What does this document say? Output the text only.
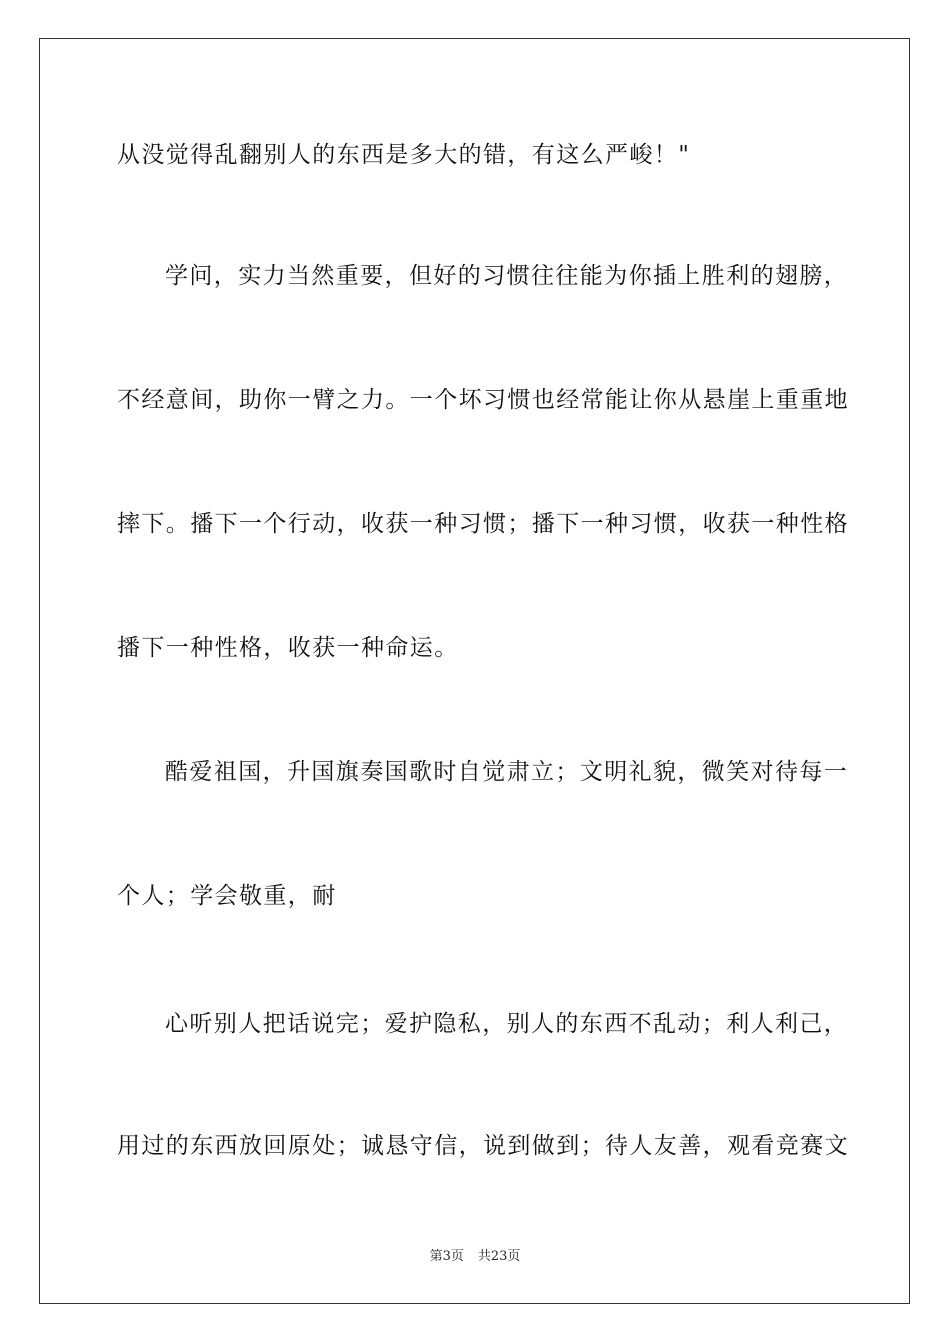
从没觉得乱翻别人的东西是多大的错，有这么严峻！"
学问，实力当然重要，但好的习惯往往能为你插上胜利的翅膀，
不经意间，助你一臂之力。一个坏习惯也经常能让你从悬崖上重重地
摔下。播下一个行动，收获一种习惯；播下一种习惯，收获一种性格
播下一种性格，收获一种命运。
酷爱祖国，升国旗奏国歌时自觉肃立；文明礼貌，微笑对待每一
个人；学会敬重，耐
心听别人把话说完；爱护隐私，别人的东西不乱动；利人利己，
用过的东西放回原处；诚恳守信，说到做到；待人友善，观看竞赛文
第3页 共23页
